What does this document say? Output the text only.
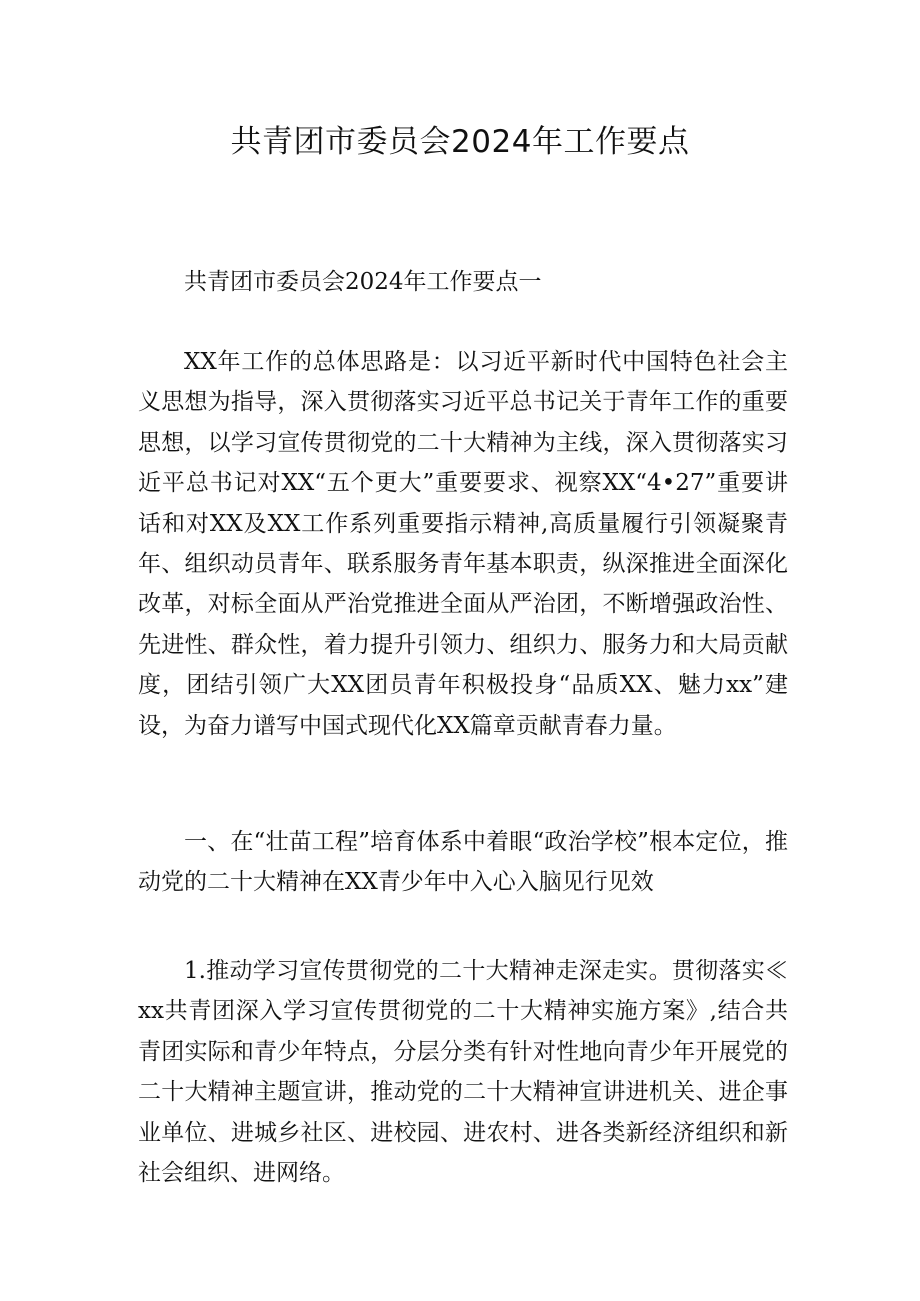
共青团市委员会2024年工作要点

共青团市委员会2024年工作要点一

XX年工作的总体思路是：以习近平新时代中国特色社会主义思想为指导，深入贯彻落实习近平总书记关于青年工作的重要思想，以学习宣传贯彻党的二十大精神为主线，深入贯彻落实习近平总书记对XX“五个更大”重要要求、视察XX“4•27”重要讲话和对XX及XX工作系列重要指示精神,高质量履行引领凝聚青年、组织动员青年、联系服务青年基本职责，纵深推进全面深化改革，对标全面从严治党推进全面从严治团，不断增强政治性、先进性、群众性，着力提升引领力、组织力、服务力和大局贡献度，团结引领广大XX团员青年积极投身“品质XX、魅力xx”建设，为奋力谱写中国式现代化XX篇章贡献青春力量。

一、在“壮苗工程”培育体系中着眼“政治学校”根本定位，推动党的二十大精神在XX青少年中入心入脑见行见效

1.推动学习宣传贯彻党的二十大精神走深走实。贯彻落实≪xx共青团深入学习宣传贯彻党的二十大精神实施方案》,结合共青团实际和青少年特点，分层分类有针对性地向青少年开展党的二十大精神主题宣讲，推动党的二十大精神宣讲进机关、进企事业单位、进城乡社区、进校园、进农村、进各类新经济组织和新社会组织、进网络。
